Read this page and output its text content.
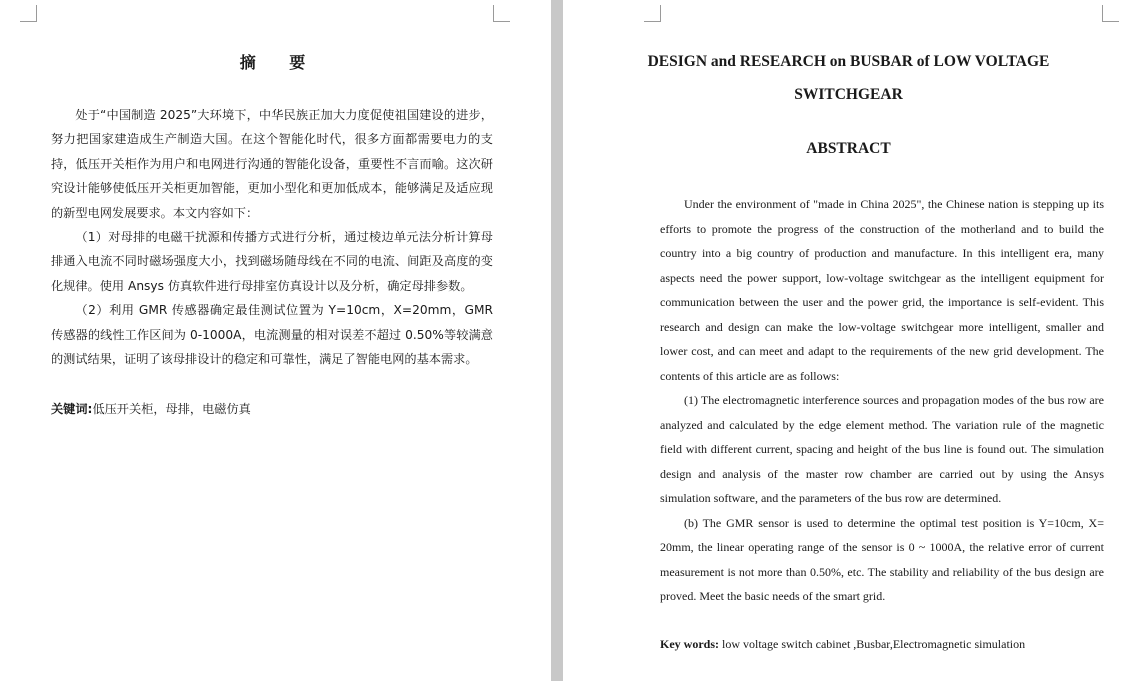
摘 要

处于“中国制造 2025”大环境下，中华民族正加大力度促使祖国建设的进步，努力把国家建造成生产制造大国。在这个智能化时代，很多方面都需要电力的支持，低压开关柜作为用户和电网进行沟通的智能化设备，重要性不言而喻。这次研究设计能够使低压开关柜更加智能，更加小型化和更加低成本，能够满足及适应现的新型电网发展要求。本文内容如下：

（1）对母排的电磁干扰源和传播方式进行分析，通过棱边单元法分析计算母排通入电流不同时磁场强度大小，找到磁场随母线在不同的电流、间距及高度的变化规律。使用 Ansys 仿真软件进行母排室仿真设计以及分析，确定母排参数。

（2）利用 GMR 传感器确定最佳测试位置为 Y=10cm，X=20mm，GMR 传感器的线性工作区间为 0-1000A，电流测量的相对误差不超过 0.50%等较满意的测试结果，证明了该母排设计的稳定和可靠性，满足了智能电网的基本需求。

关键词:低压开关柜，母排，电磁仿真
DESIGN and RESEARCH on BUSBAR of LOW VOLTAGE
SWITCHGEAR
ABSTRACT

Under the environment of "made in China 2025", the Chinese nation is stepping up its efforts to promote the progress of the construction of the motherland and to build the country into a big country of production and manufacture. In this intelligent era, many aspects need the power support, low-voltage switchgear as the intelligent equipment for communication between the user and the power grid, the importance is self-evident. This research and design can make the low-voltage switchgear more intelligent, smaller and lower cost, and can meet and adapt to the requirements of the new grid development. The contents of this article are as follows:

(1) The electromagnetic interference sources and propagation modes of the bus row are analyzed and calculated by the edge element method. The variation rule of the magnetic field with different current, spacing and height of the bus line is found out. The simulation design and analysis of the master row chamber are carried out by using the Ansys simulation software, and the parameters of the bus row are determined.

(b) The GMR sensor is used to determine the optimal test position is Y=10cm, X= 20mm, the linear operating range of the sensor is 0 ~ 1000A, the relative error of current measurement is not more than 0.50%, etc. The stability and reliability of the bus design are proved. Meet the basic needs of the smart grid.

Key words: low voltage switch cabinet ,Busbar,Electromagnetic simulation
